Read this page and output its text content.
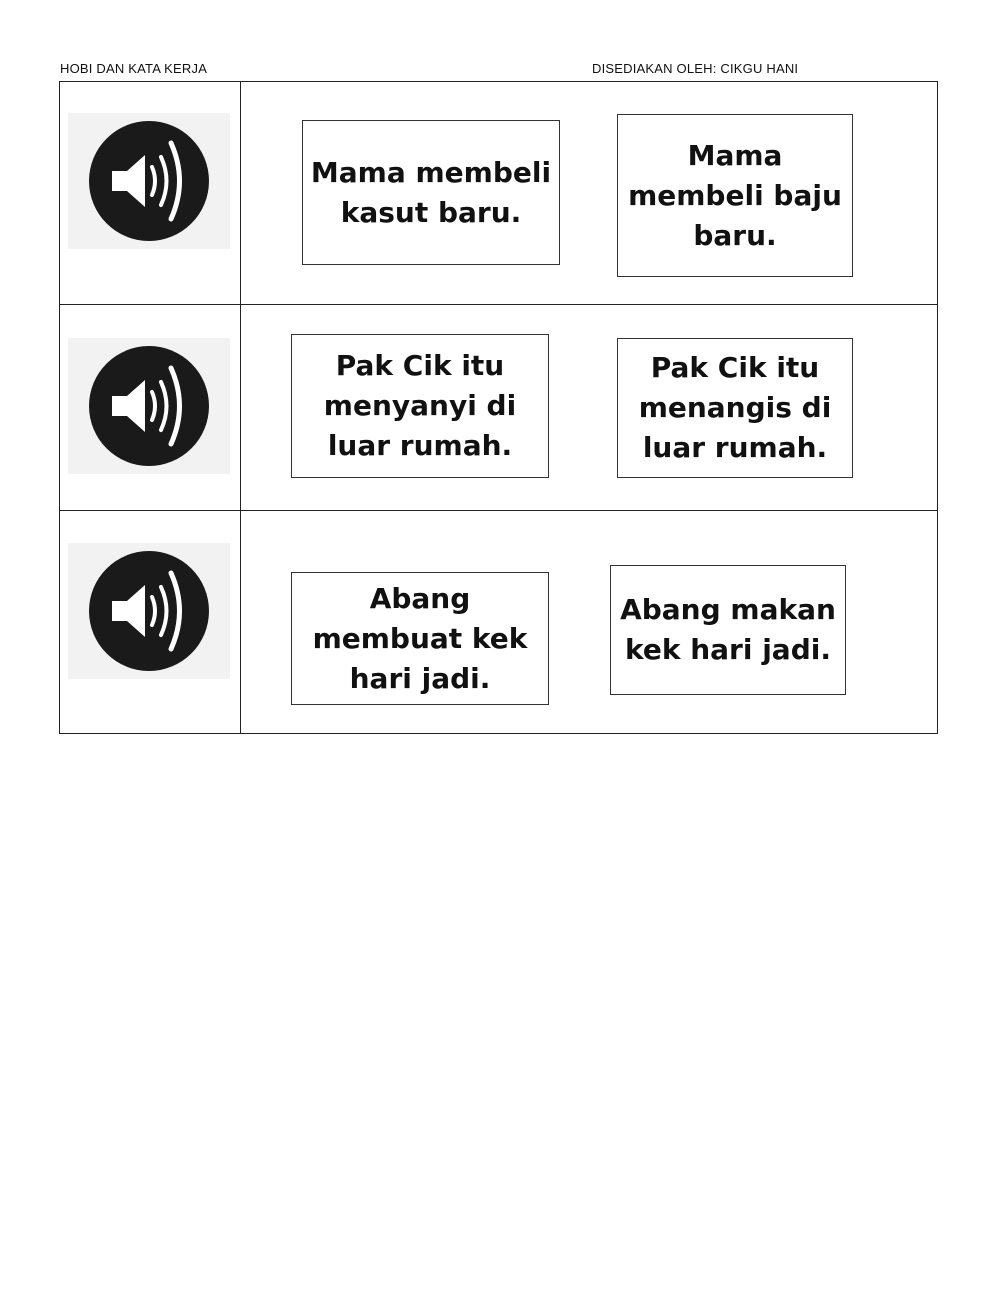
HOBI DAN KATA KERJA	DISEDIAKAN OLEH: CIKGU HANI
Mama membeli kasut baru.
Mama membeli baju baru.
Pak Cik itu menyanyi di luar rumah.
Pak Cik itu menangis di luar rumah.
Abang membuat kek hari jadi.
Abang makan kek hari jadi.
